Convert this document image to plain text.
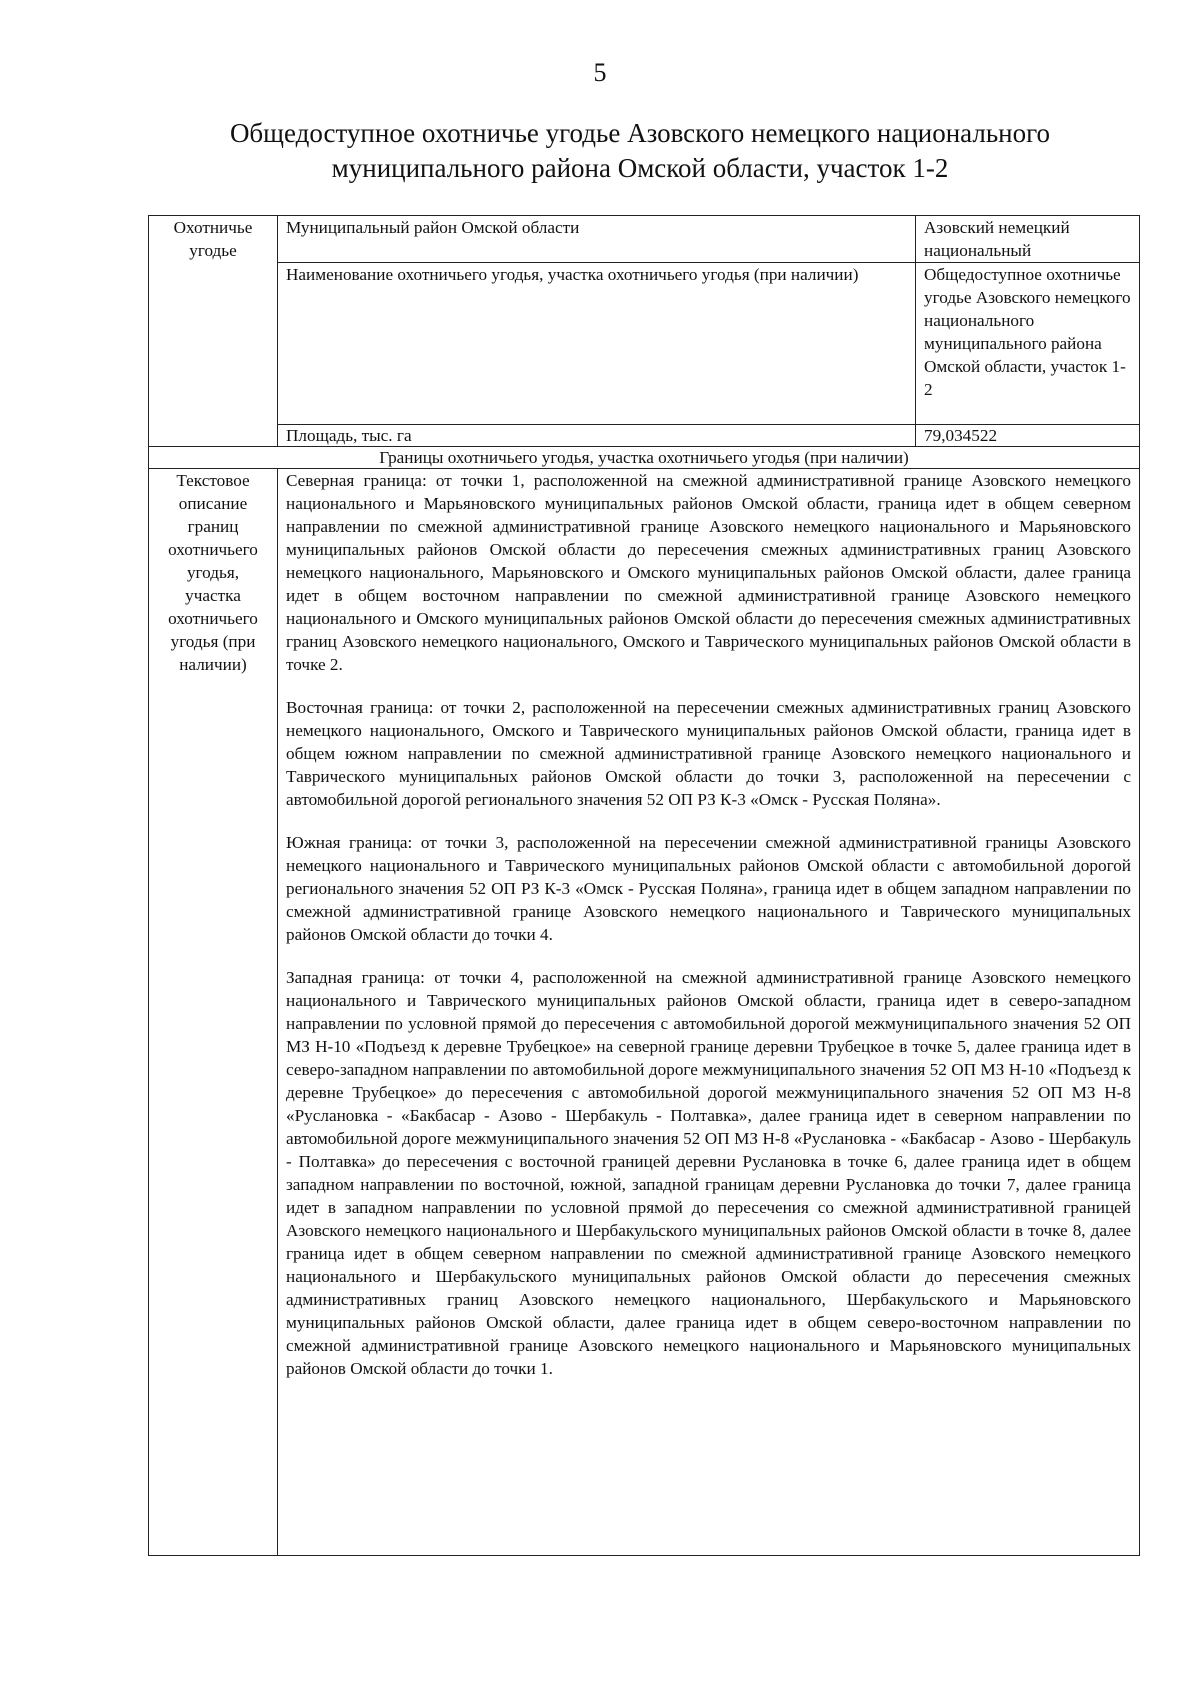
5
Общедоступное охотничье угодье Азовского немецкого национального
муниципального района Омской области, участок 1-2
Охотничье угодье	Муниципальный район Омской области	Азовский немецкий национальный
	Наименование охотничьего угодья, участка охотничьего угодья (при наличии)	Общедоступное охотничье угодье Азовского немецкого национального муниципального района Омской области, участок 1-2
	Площадь, тыс. га	79,034522
Границы охотничьего угодья, участка охотничьего угодья (при наличии)		
Текстовое описание границ охотничьего угодья, участка охотничьего угодья (при наличии)	Северная граница: от точки 1, расположенной на смежной административной границе Азовского немецкого национального и Марьяновского муниципальных районов Омской области, граница идет в общем северном направлении по смежной административной границе Азовского немецкого национального и Марьяновского муниципальных районов Омской области до пересечения смежных административных границ Азовского немецкого национального, Марьяновского и Омского муниципальных районов Омской области, далее граница идет в общем восточном направлении по смежной административной границе Азовского немецкого национального и Омского муниципальных районов Омской области до пересечения смежных административных границ Азовского немецкого национального, Омского и Таврического муниципальных районов Омской области в точке 2.

Восточная граница: от точки 2, расположенной на пересечении смежных административных границ Азовского немецкого национального, Омского и Таврического муниципальных районов Омской области, граница идет в общем южном направлении по смежной административной границе Азовского немецкого национального и Таврического муниципальных районов Омской области до точки 3, расположенной на пересечении с автомобильной дорогой регионального значения 52 ОП РЗ К-3 «Омск - Русская Поляна».

Южная граница: от точки 3, расположенной на пересечении смежной административной границы Азовского немецкого национального и Таврического муниципальных районов Омской области с автомобильной дорогой регионального значения 52 ОП РЗ К-3 «Омск - Русская Поляна», граница идет в общем западном направлении по смежной административной границе Азовского немецкого национального и Таврического муниципальных районов Омской области до точки 4.

Западная граница: от точки 4, расположенной на смежной административной границе Азовского немецкого национального и Таврического муниципальных районов Омской области, граница идет в северо-западном направлении по условной прямой до пересечения с автомобильной дорогой межмуниципального значения 52 ОП МЗ Н-10 «Подъезд к деревне Трубецкое» на северной границе деревни Трубецкое в точке 5, далее граница идет в северо-западном направлении по автомобильной дороге межмуниципального значения 52 ОП МЗ Н-10 «Подъезд к деревне Трубецкое» до пересечения с автомобильной дорогой межмуниципального значения 52 ОП МЗ Н-8 «Руслановка - «Бакбасар - Азово - Шербакуль - Полтавка», далее граница идет в северном направлении по автомобильной дороге межмуниципального значения 52 ОП МЗ Н-8 «Руслановка - «Бакбасар - Азово - Шербакуль - Полтавка» до пересечения с восточной границей деревни Руслановка в точке 6, далее граница идет в общем западном направлении по восточной, южной, западной границам деревни Руслановка до точки 7, далее граница идет в западном направлении по условной прямой до пересечения со смежной административной границей Азовского немецкого национального и Шербакульского муниципальных районов Омской области в точке 8, далее граница идет в общем северном направлении по смежной административной границе Азовского немецкого национального и Шербакульского муниципальных районов Омской области до пересечения смежных административных границ Азовского немецкого национального, Шербакульского и Марьяновского муниципальных районов Омской области, далее граница идет в общем северо-восточном направлении по смежной административной границе Азовского немецкого национального и Марьяновского муниципальных районов Омской области до точки 1.	
